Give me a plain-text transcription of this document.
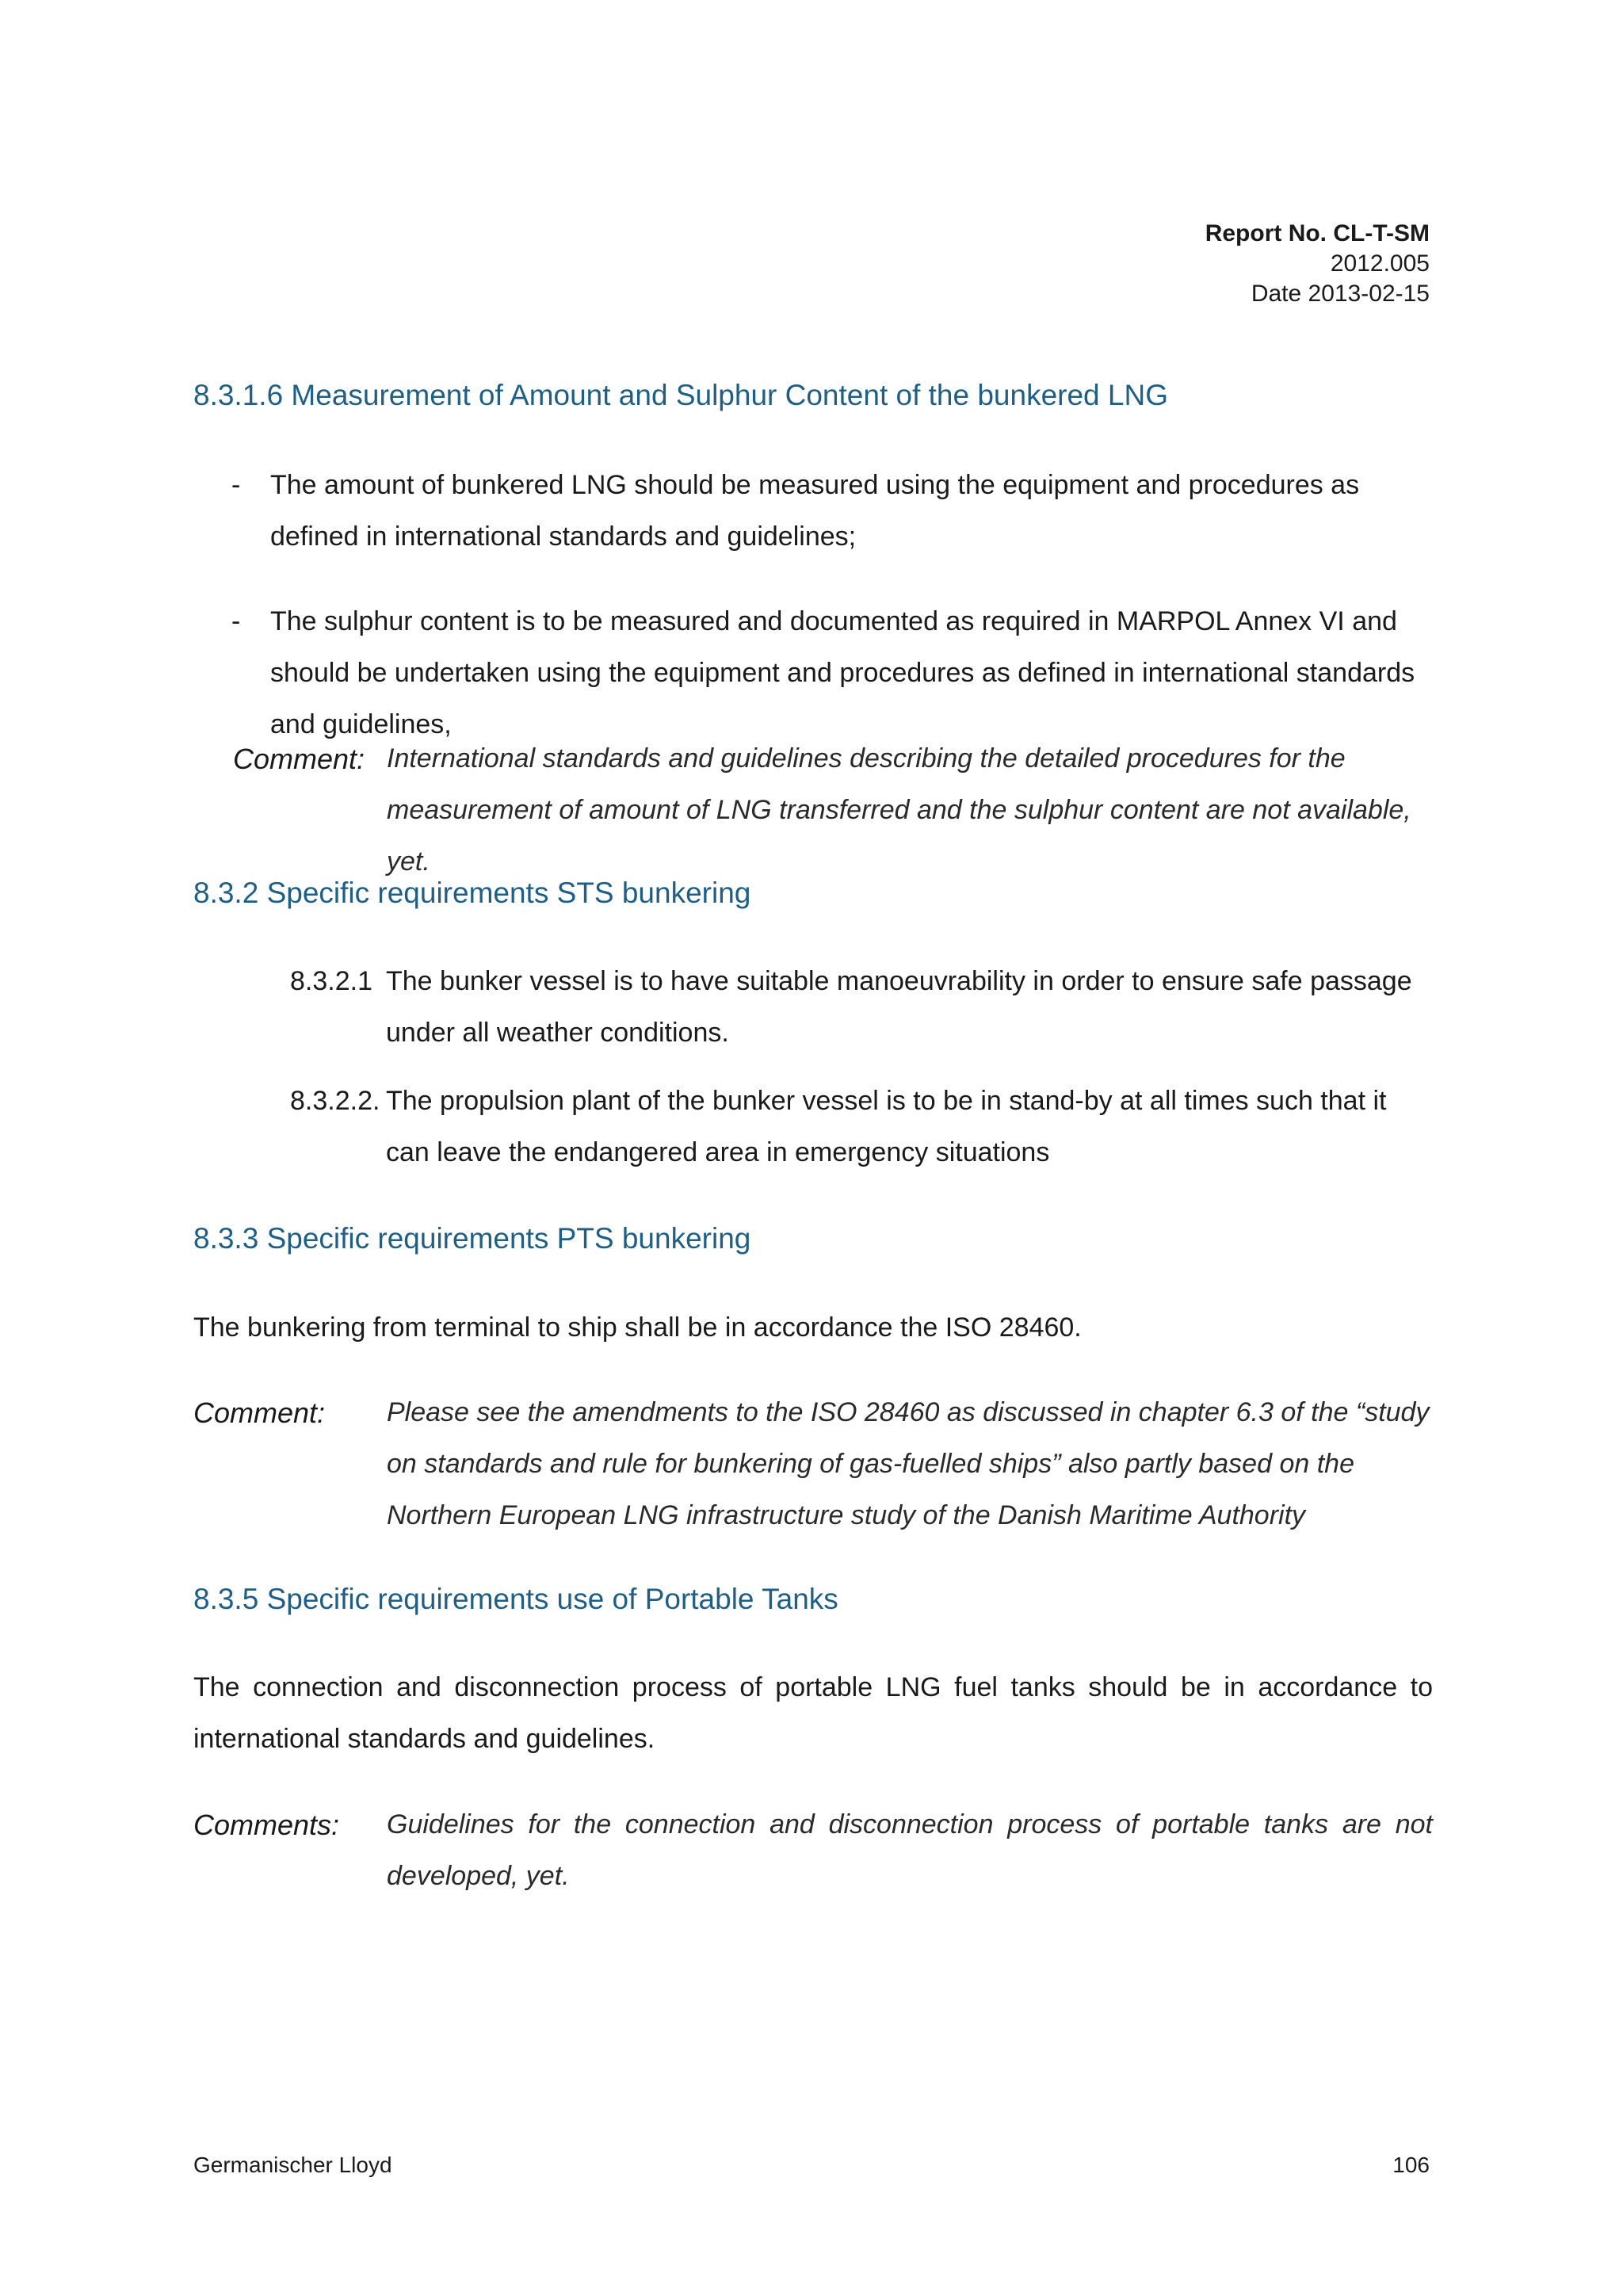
Report No. CL-T-SM
2012.005
Date 2013-02-15
8.3.1.6 Measurement of Amount and Sulphur Content of the bunkered LNG
- The amount of bunkered LNG should be measured using the equipment and procedures as defined in international standards and guidelines;
- The sulphur content is to be measured and documented as required in MARPOL Annex VI and should be undertaken using the equipment and procedures as defined in international standards and guidelines,
Comment: International standards and guidelines describing the detailed procedures for the measurement of amount of LNG transferred and the sulphur content are not available, yet.
8.3.2 Specific requirements STS bunkering
8.3.2.1 The bunker vessel is to have suitable manoeuvrability in order to ensure safe passage under all weather conditions.
8.3.2.2. The propulsion plant of the bunker vessel is to be in stand-by at all times such that it can leave the endangered area in emergency situations
8.3.3 Specific requirements PTS bunkering
The bunkering from terminal to ship shall be in accordance the ISO 28460.
Comment: Please see the amendments to the ISO 28460 as discussed in chapter 6.3 of the “study on standards and rule for bunkering of gas-fuelled ships” also partly based on the Northern European LNG infrastructure study of the Danish Maritime Authority
8.3.5 Specific requirements use of Portable Tanks
The connection and disconnection process of portable LNG fuel tanks should be in accordance to international standards and guidelines.
Comments: Guidelines for the connection and disconnection process of portable tanks are not developed, yet.
Germanischer Lloyd	106
